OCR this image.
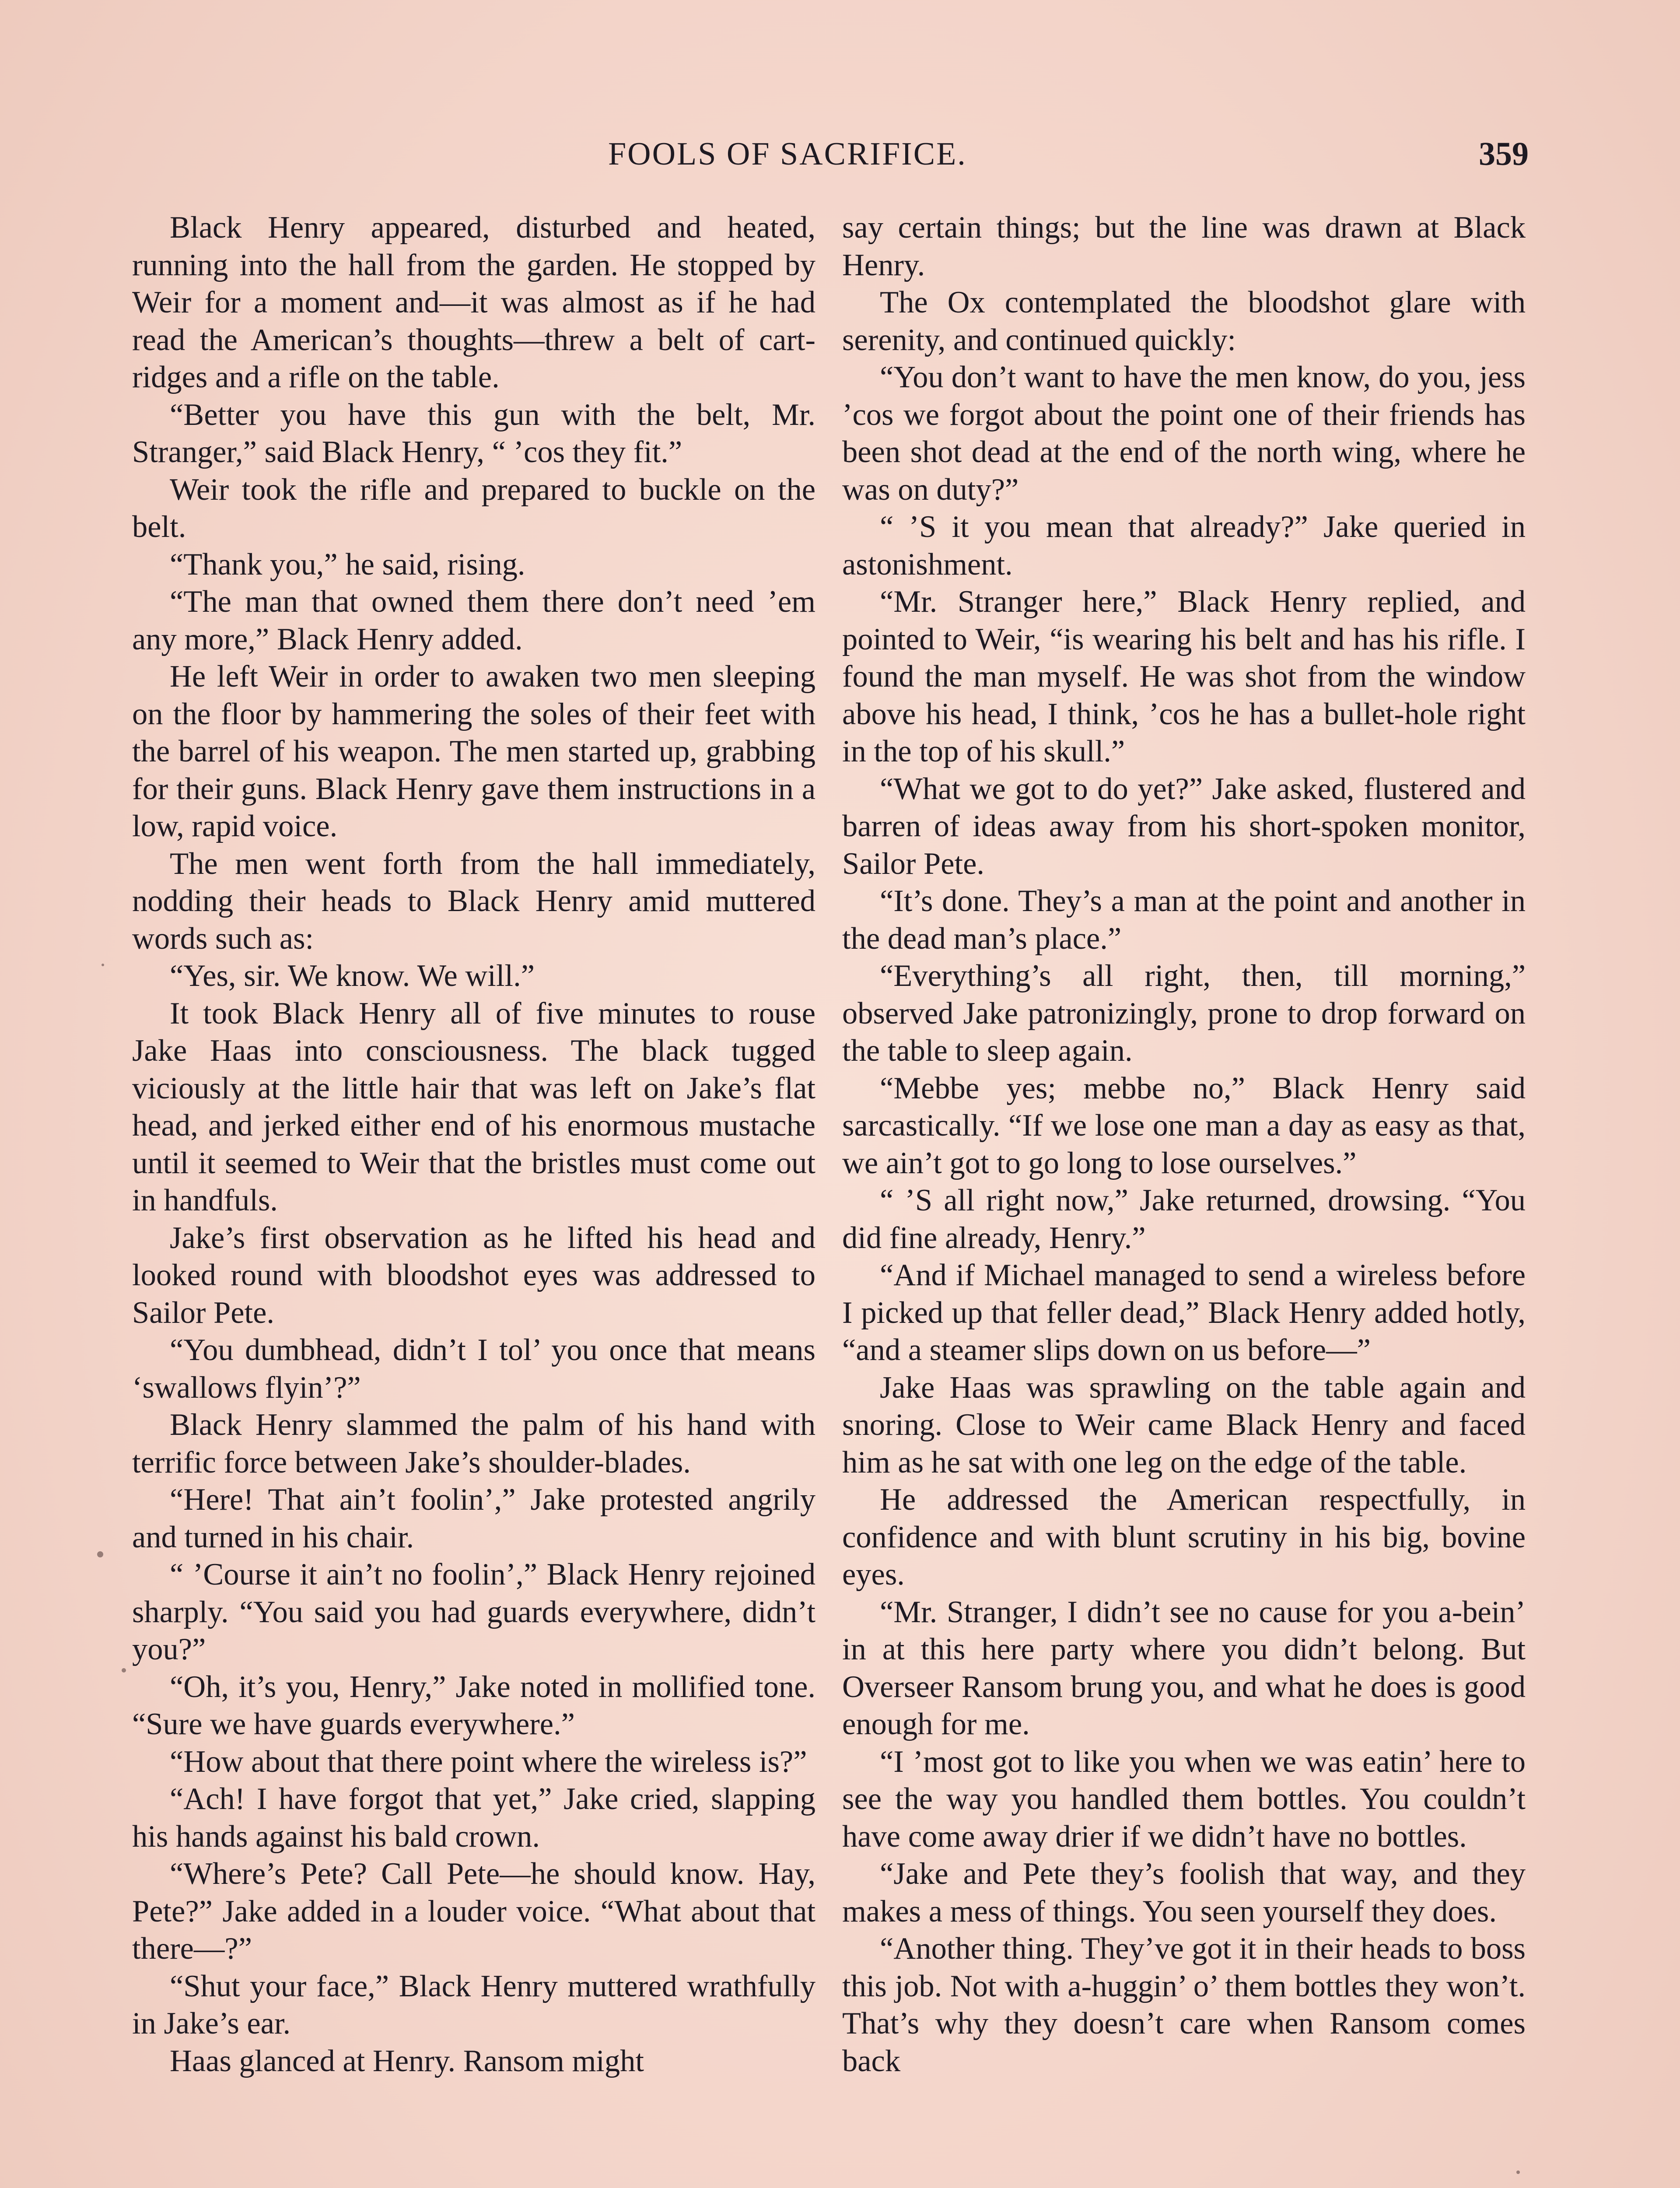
FOOLS OF SACRIFICE.	359

Black Henry appeared, disturbed and heated, running into the hall from the garden. He stopped by Weir for a moment and—it was almost as if he had read the American’s thoughts—threw a belt of cartridges and a rifle on the table.

“Better you have this gun with the belt, Mr. Stranger,” said Black Henry, “ ’cos they fit.”

Weir took the rifle and prepared to buckle on the belt.

“Thank you,” he said, rising.

“The man that owned them there don’t need ’em any more,” Black Henry added.

He left Weir in order to awaken two men sleeping on the floor by hammering the soles of their feet with the barrel of his weapon. The men started up, grabbing for their guns. Black Henry gave them instructions in a low, rapid voice.

The men went forth from the hall immediately, nodding their heads to Black Henry amid muttered words such as:

“Yes, sir. We know. We will.”

It took Black Henry all of five minutes to rouse Jake Haas into consciousness. The black tugged viciously at the little hair that was left on Jake’s flat head, and jerked either end of his enormous mustache until it seemed to Weir that the bristles must come out in handfuls.

Jake’s first observation as he lifted his head and looked round with bloodshot eyes was addressed to Sailor Pete.

“You dumbhead, didn’t I tol’ you once that means ‘swallows flyin’?”

Black Henry slammed the palm of his hand with terrific force between Jake’s shoulder-blades.

“Here! That ain’t foolin’,” Jake protested angrily and turned in his chair.

“ ’Course it ain’t no foolin’,” Black Henry rejoined sharply. “You said you had guards everywhere, didn’t you?”

“Oh, it’s you, Henry,” Jake noted in mollified tone. “Sure we have guards everywhere.”

“How about that there point where the wireless is?”

“Ach! I have forgot that yet,” Jake cried, slapping his hands against his bald crown.

“Where’s Pete? Call Pete—he should know. Hay, Pete?” Jake added in a louder voice. “What about that there—?”

“Shut your face,” Black Henry muttered wrathfully in Jake’s ear.

Haas glanced at Henry. Ransom might

say certain things; but the line was drawn at Black Henry.

The Ox contemplated the bloodshot glare with serenity, and continued quickly:

“You don’t want to have the men know, do you, jess ’cos we forgot about the point one of their friends has been shot dead at the end of the north wing, where he was on duty?”

“ ’S it you mean that already?” Jake queried in astonishment.

“Mr. Stranger here,” Black Henry replied, and pointed to Weir, “is wearing his belt and has his rifle. I found the man myself. He was shot from the window above his head, I think, ’cos he has a bullet-hole right in the top of his skull.”

“What we got to do yet?” Jake asked, flustered and barren of ideas away from his short-spoken monitor, Sailor Pete.

“It’s done. They’s a man at the point and another in the dead man’s place.”

“Everything’s all right, then, till morning,” observed Jake patronizingly, prone to drop forward on the table to sleep again.

“Mebbe yes; mebbe no,” Black Henry said sarcastically. “If we lose one man a day as easy as that, we ain’t got to go long to lose ourselves.”

“ ’S all right now,” Jake returned, drowsing. “You did fine already, Henry.”

“And if Michael managed to send a wireless before I picked up that feller dead,” Black Henry added hotly, “and a steamer slips down on us before—”

Jake Haas was sprawling on the table again and snoring. Close to Weir came Black Henry and faced him as he sat with one leg on the edge of the table.

He addressed the American respectfully, in confidence and with blunt scrutiny in his big, bovine eyes.

“Mr. Stranger, I didn’t see no cause for you a-bein’ in at this here party where you didn’t belong. But Overseer Ransom brung you, and what he does is good enough for me.

“I ’most got to like you when we was eatin’ here to see the way you handled them bottles. You couldn’t have come away drier if we didn’t have no bottles.

“Jake and Pete they’s foolish that way, and they makes a mess of things. You seen yourself they does.

“Another thing. They’ve got it in their heads to boss this job. Not with a-huggin’ o’ them bottles they won’t. That’s why they doesn’t care when Ransom comes back
